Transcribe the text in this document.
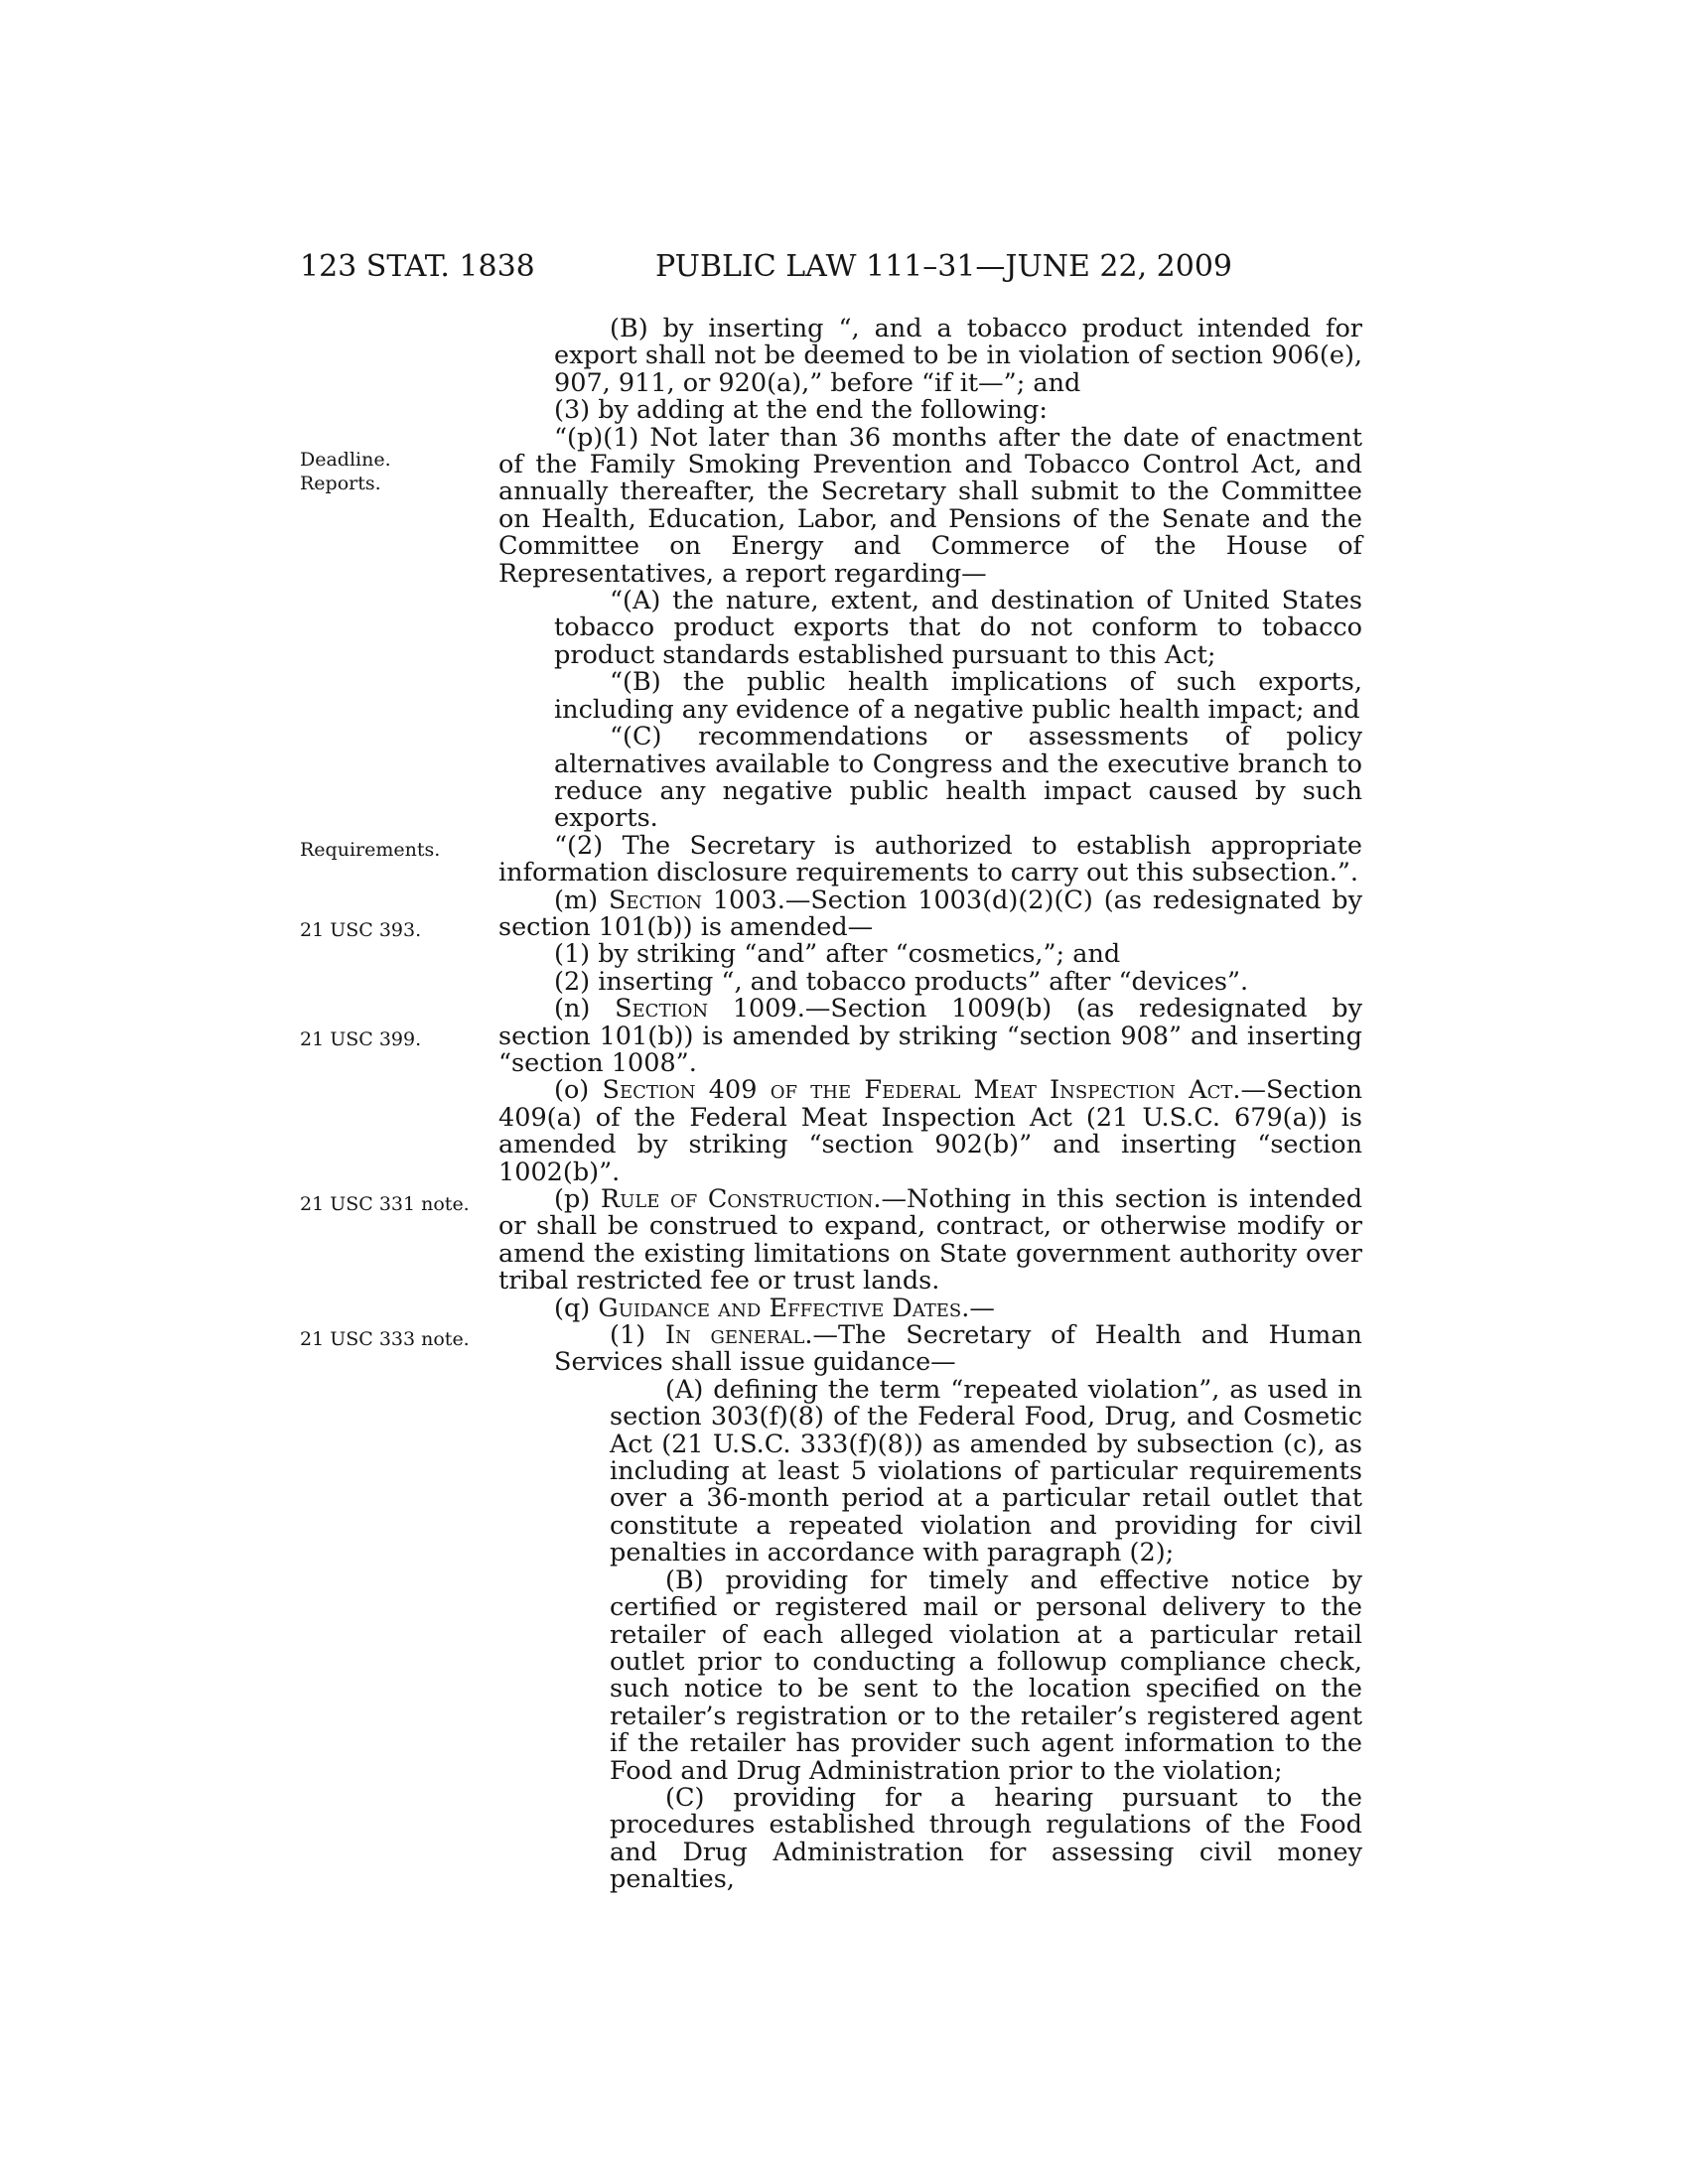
123 STAT. 1838	PUBLIC LAW 111–31—JUNE 22, 2009
Deadline.
Reports.
Requirements.
21 USC 393.
21 USC 399.
21 USC 331 note.
21 USC 333 note.

(B) by inserting “, and a tobacco product intended for export shall not be deemed to be in violation of section 906(e), 907, 911, or 920(a),” before “if it—”; and

(3) by adding at the end the following:

“(p)(1) Not later than 36 months after the date of enactment of the Family Smoking Prevention and Tobacco Control Act, and annually thereafter, the Secretary shall submit to the Committee on Health, Education, Labor, and Pensions of the Senate and the Committee on Energy and Commerce of the House of Representatives, a report regarding—

“(A) the nature, extent, and destination of United States tobacco product exports that do not conform to tobacco product standards established pursuant to this Act;

“(B) the public health implications of such exports, including any evidence of a negative public health impact; and

“(C) recommendations or assessments of policy alternatives available to Congress and the executive branch to reduce any negative public health impact caused by such exports.

“(2) The Secretary is authorized to establish appropriate information disclosure requirements to carry out this subsection.”.

(m) Section 1003.—Section 1003(d)(2)(C) (as redesignated by section 101(b)) is amended—

(1) by striking “and” after “cosmetics,”; and

(2) inserting “, and tobacco products” after “devices”.

(n) Section 1009.—Section 1009(b) (as redesignated by section 101(b)) is amended by striking “section 908” and inserting “section 1008”.

(o) Section 409 of the Federal Meat Inspection Act.—Section 409(a) of the Federal Meat Inspection Act (21 U.S.C. 679(a)) is amended by striking “section 902(b)” and inserting “section 1002(b)”.

(p) Rule of Construction.—Nothing in this section is intended or shall be construed to expand, contract, or otherwise modify or amend the existing limitations on State government authority over tribal restricted fee or trust lands.

(q) Guidance and Effective Dates.—

(1) In general.—The Secretary of Health and Human Services shall issue guidance—

(A) defining the term “repeated violation”, as used in section 303(f)(8) of the Federal Food, Drug, and Cosmetic Act (21 U.S.C. 333(f)(8)) as amended by subsection (c), as including at least 5 violations of particular requirements over a 36-month period at a particular retail outlet that constitute a repeated violation and providing for civil penalties in accordance with paragraph (2);

(B) providing for timely and effective notice by certified or registered mail or personal delivery to the retailer of each alleged violation at a particular retail outlet prior to conducting a followup compliance check, such notice to be sent to the location specified on the retailer’s registration or to the retailer’s registered agent if the retailer has provider such agent information to the Food and Drug Administration prior to the violation;

(C) providing for a hearing pursuant to the procedures established through regulations of the Food and Drug Administration for assessing civil money penalties,
